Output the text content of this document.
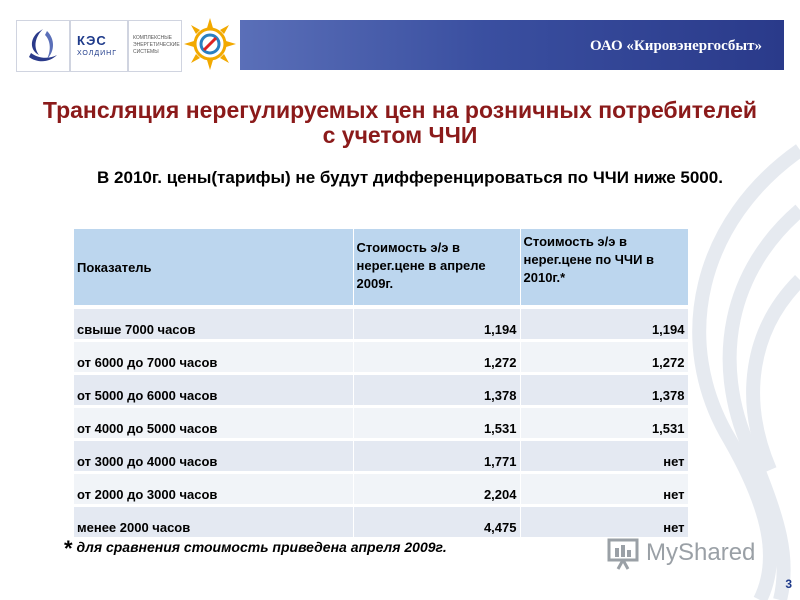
КЭС
ХОЛДИНГ
КОМПЛЕКСНЫЕ ЭНЕРГЕТИЧЕСКИЕ СИСТЕМЫ	ОАО «Кировэнергосбыт»
Трансляция нерегулируемых цен на розничных потребителей с учетом ЧЧИ
В 2010г. цены(тарифы) не будут дифференцироваться по ЧЧИ ниже 5000.
Показатель	Стоимость э/э в нерег.цене в апреле 2009г.	Стоимость э/э в нерег.цене по ЧЧИ в 2010г.*

свыше 7000 часов	1,194	1,194
от 6000 до 7000 часов	1,272	1,272
от 5000 до 6000 часов	1,378	1,378
от 4000 до 5000 часов	1,531	1,531
от 3000 до 4000 часов	1,771	нет
от 2000 до 3000 часов	2,204	нет
менее 2000 часов	4,475	нет
* для сравнения стоимость приведена апреля 2009г.	MyShared
3
